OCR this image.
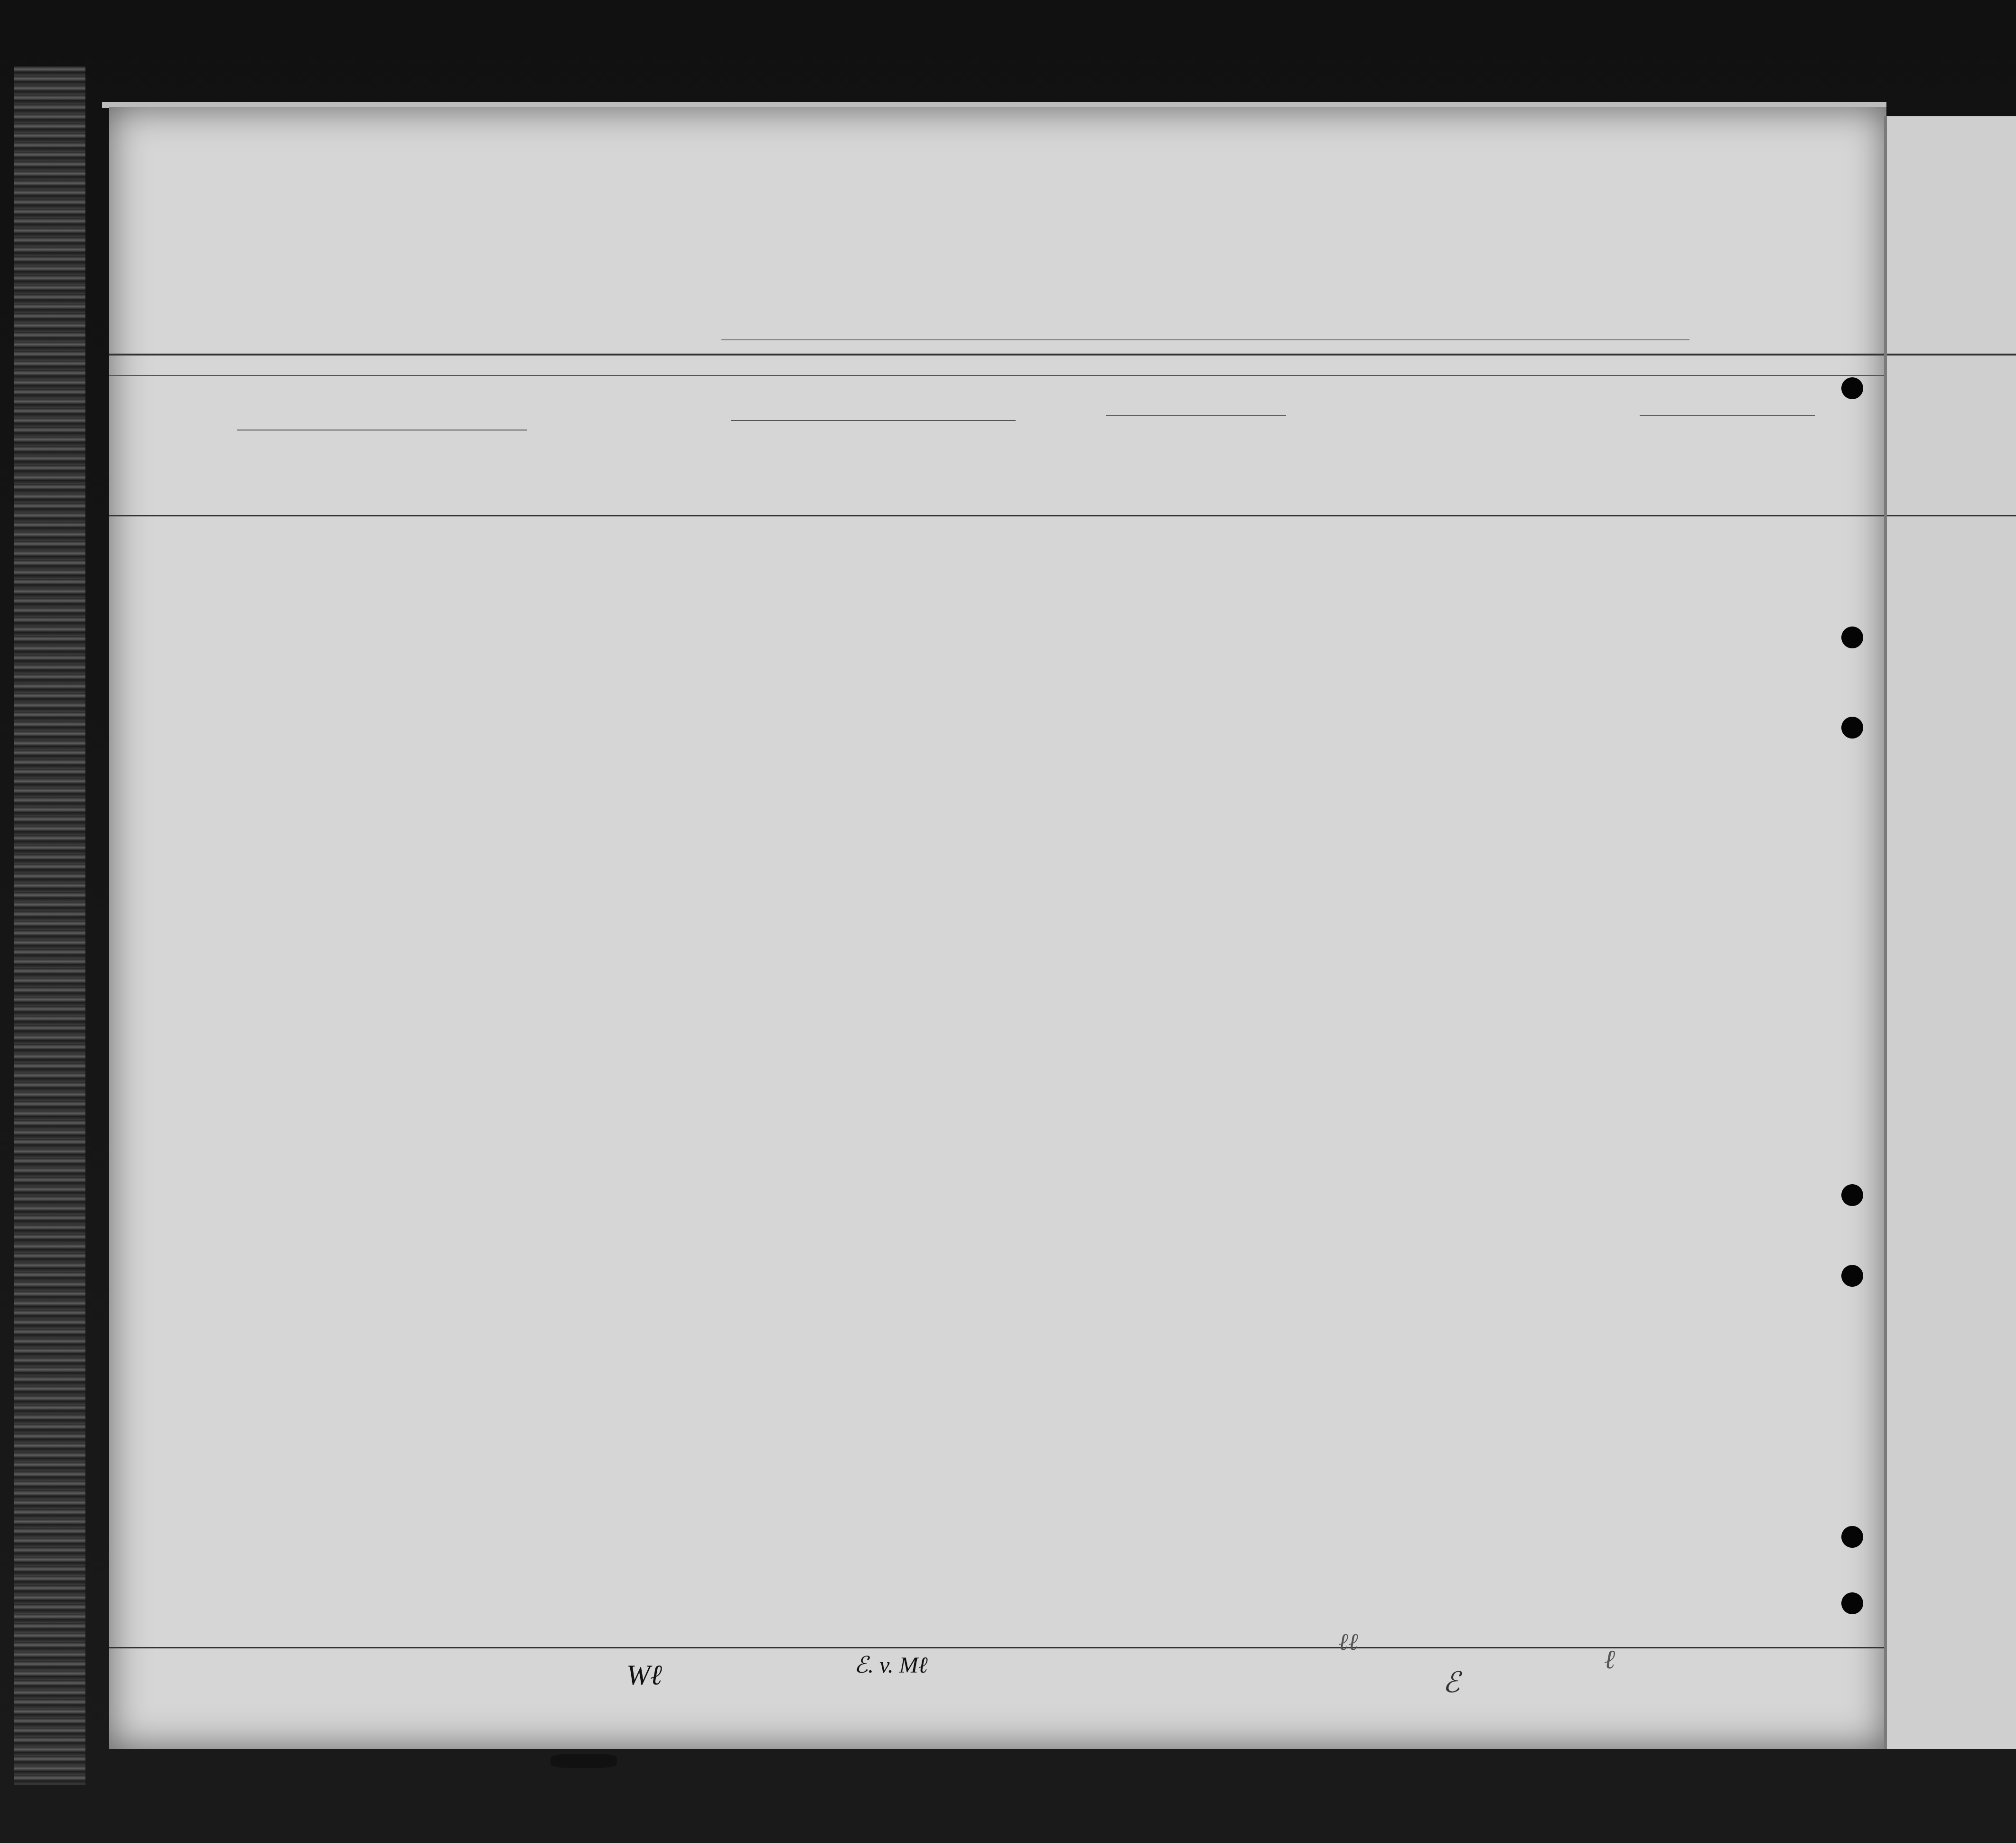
ℰ. v. Mℓ
Wℓ
ℓℓ
ℰ
ℓ
